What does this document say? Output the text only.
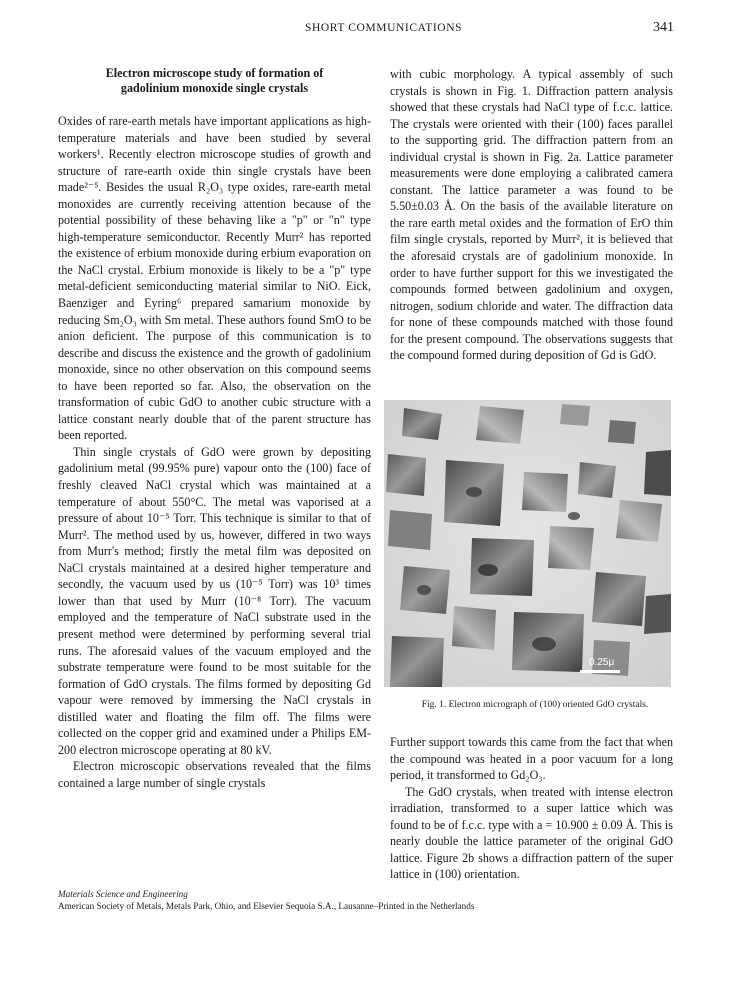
SHORT COMMUNICATIONS	341
Electron microscope study of formation of
gadolinium monoxide single crystals

Oxides of rare-earth metals have important applications as high-temperature materials and have been studied by several workers¹. Recently electron microscope studies of growth and structure of rare-earth oxide thin single crystals have been made²⁻⁵. Besides the usual R₂O₃ type oxides, rare-earth metal monoxides are currently receiving attention because of the potential possibility of these behaving like a "p" or "n" type high-temperature semiconductor. Recently Murr² has reported the existence of erbium monoxide during erbium evaporation on the NaCl crystal. Erbium monoxide is likely to be a "p" type metal-deficient semiconducting material similar to NiO. Eick, Baenziger and Eyring⁶ prepared samarium monoxide by reducing Sm₂O₃ with Sm metal. These authors found SmO to be anion deficient. The purpose of this communication is to describe and discuss the existence and the growth of gadolinium monoxide, since no other observation on this compound seems to have been reported so far. Also, the observation on the transformation of cubic GdO to another cubic structure with a lattice constant nearly double that of the parent structure has been reported.

Thin single crystals of GdO were grown by depositing gadolinium metal (99.95% pure) vapour onto the (100) face of freshly cleaved NaCl crystal which was maintained at a temperature of about 550°C. The metal was vaporised at a pressure of about 10⁻⁵ Torr. This technique is similar to that of Murr². The method used by us, however, differed in two ways from Murr's method; firstly the metal film was deposited on NaCl crystals maintained at a desired higher temperature and secondly, the vacuum used by us (10⁻⁵ Torr) was 10³ times lower than that used by Murr (10⁻⁸ Torr). The vacuum employed and the temperature of NaCl substrate used in the present method were determined by performing several trial runs. The aforesaid values of the vacuum employed and the substrate temperature were found to be most suitable for the formation of GdO crystals. The films formed by depositing Gd vapour were removed by immersing the NaCl crystals in distilled water and floating the film off. The films were collected on the copper grid and examined under a Philips EM-200 electron microscope operating at 80 kV.

Electron microscopic observations revealed that the films contained a large number of single crystals

with cubic morphology. A typical assembly of such crystals is shown in Fig. 1. Diffraction pattern analysis showed that these crystals had NaCl type of f.c.c. lattice. The crystals were oriented with their (100) faces parallel to the supporting grid. The diffraction pattern from an individual crystal is shown in Fig. 2a. Lattice parameter measurements were done employing a calibrated camera constant. The lattice parameter a was found to be 5.50±0.03 Å. On the basis of the available literature on the rare earth metal oxides and the formation of ErO thin film single crystals, reported by Murr², it is believed that the aforesaid crystals are of gadolinium monoxide. In order to have further support for this we investigated the compounds formed between gadolinium and oxygen, nitrogen, sodium chloride and water. The diffraction data for none of these compounds matched with those found for the present compound. The observations suggests that the compound formed during deposition of Gd is GdO.

0.25μ
Fig. 1. Electron micrograph of (100) oriented GdO crystals.

Further support towards this came from the fact that when the compound was heated in a poor vacuum for a long period, it transformed to Gd₂O₃.

The GdO crystals, when treated with intense electron irradiation, transformed to a super lattice which was found to be of f.c.c. type with a = 10.900 ± 0.09 Å. This is nearly double the lattice parameter of the original GdO lattice. Figure 2b shows a diffraction pattern of the super lattice in (100) orientation.

Materials Science and Engineering
American Society of Metals, Metals Park, Ohio, and Elsevier Sequoia S.A., Lausanne–Printed in the Netherlands
